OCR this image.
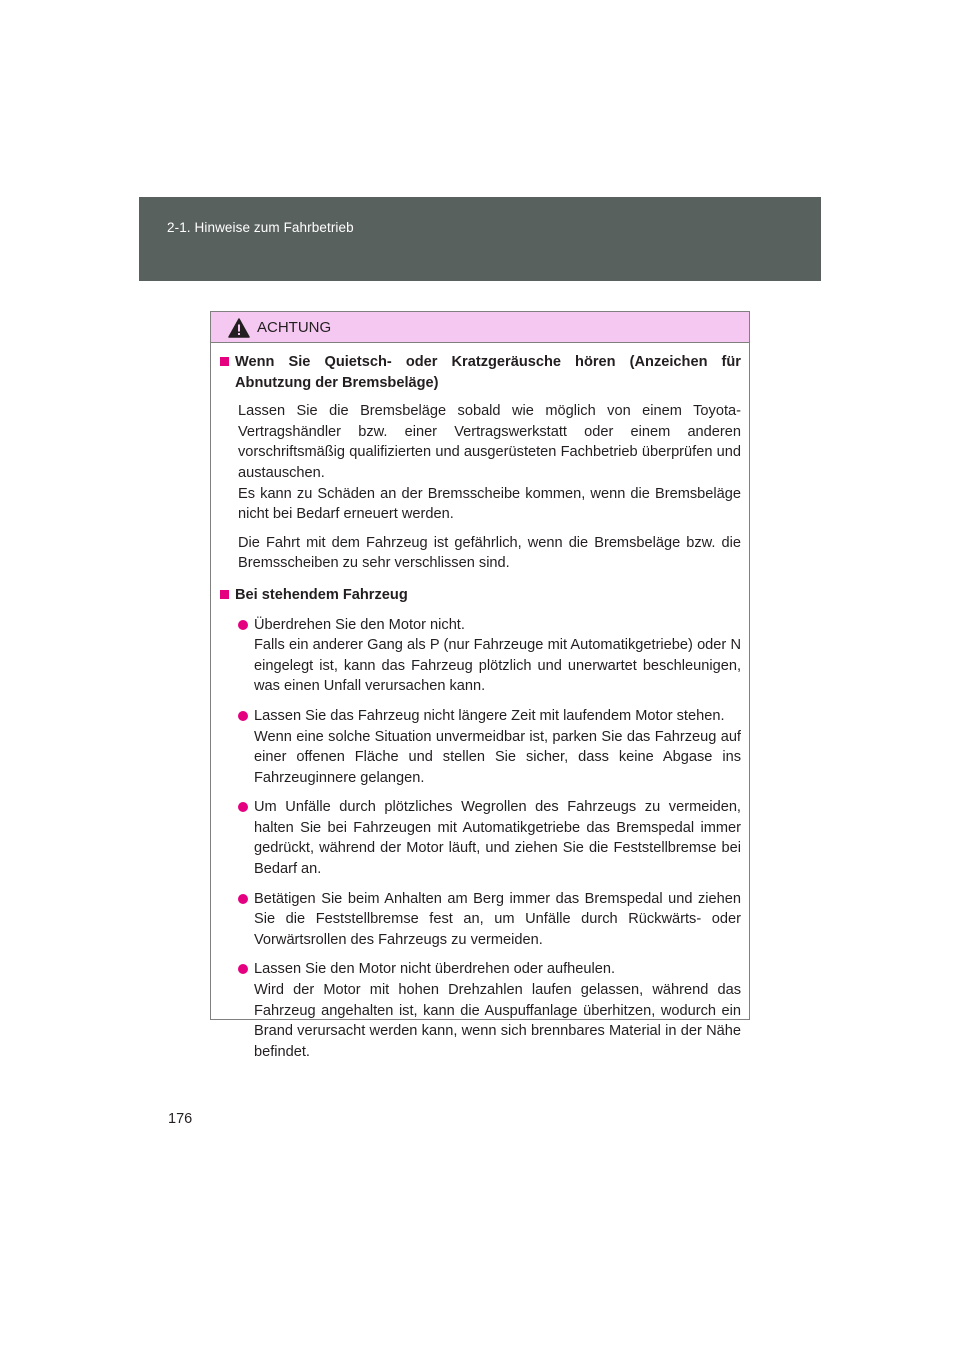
2-1. Hinweise zum Fahrbetrieb
ACHTUNG
Wenn Sie Quietsch- oder Kratzgeräusche hören (Anzeichen für Abnutzung der Bremsbeläge)
Lassen Sie die Bremsbeläge sobald wie möglich von einem Toyota-Vertragshändler bzw. einer Vertragswerkstatt oder einem anderen vorschriftsmäßig qualifizierten und ausgerüsteten Fachbetrieb überprüfen und austauschen.
Es kann zu Schäden an der Bremsscheibe kommen, wenn die Bremsbeläge nicht bei Bedarf erneuert werden.
Die Fahrt mit dem Fahrzeug ist gefährlich, wenn die Bremsbeläge bzw. die Bremsscheiben zu sehr verschlissen sind.
Bei stehendem Fahrzeug
Überdrehen Sie den Motor nicht.
Falls ein anderer Gang als P (nur Fahrzeuge mit Automatikgetriebe) oder N eingelegt ist, kann das Fahrzeug plötzlich und unerwartet beschleunigen, was einen Unfall verursachen kann.
Lassen Sie das Fahrzeug nicht längere Zeit mit laufendem Motor stehen.
Wenn eine solche Situation unvermeidbar ist, parken Sie das Fahrzeug auf einer offenen Fläche und stellen Sie sicher, dass keine Abgase ins Fahrzeuginnere gelangen.
Um Unfälle durch plötzliches Wegrollen des Fahrzeugs zu vermeiden, halten Sie bei Fahrzeugen mit Automatikgetriebe das Bremspedal immer gedrückt, während der Motor läuft, und ziehen Sie die Feststellbremse bei Bedarf an.
Betätigen Sie beim Anhalten am Berg immer das Bremspedal und ziehen Sie die Feststellbremse fest an, um Unfälle durch Rückwärts- oder Vorwärtsrollen des Fahrzeugs zu vermeiden.
Lassen Sie den Motor nicht überdrehen oder aufheulen.
Wird der Motor mit hohen Drehzahlen laufen gelassen, während das Fahrzeug angehalten ist, kann die Auspuffanlage überhitzen, wodurch ein Brand verursacht werden kann, wenn sich brennbares Material in der Nähe befindet.
176
